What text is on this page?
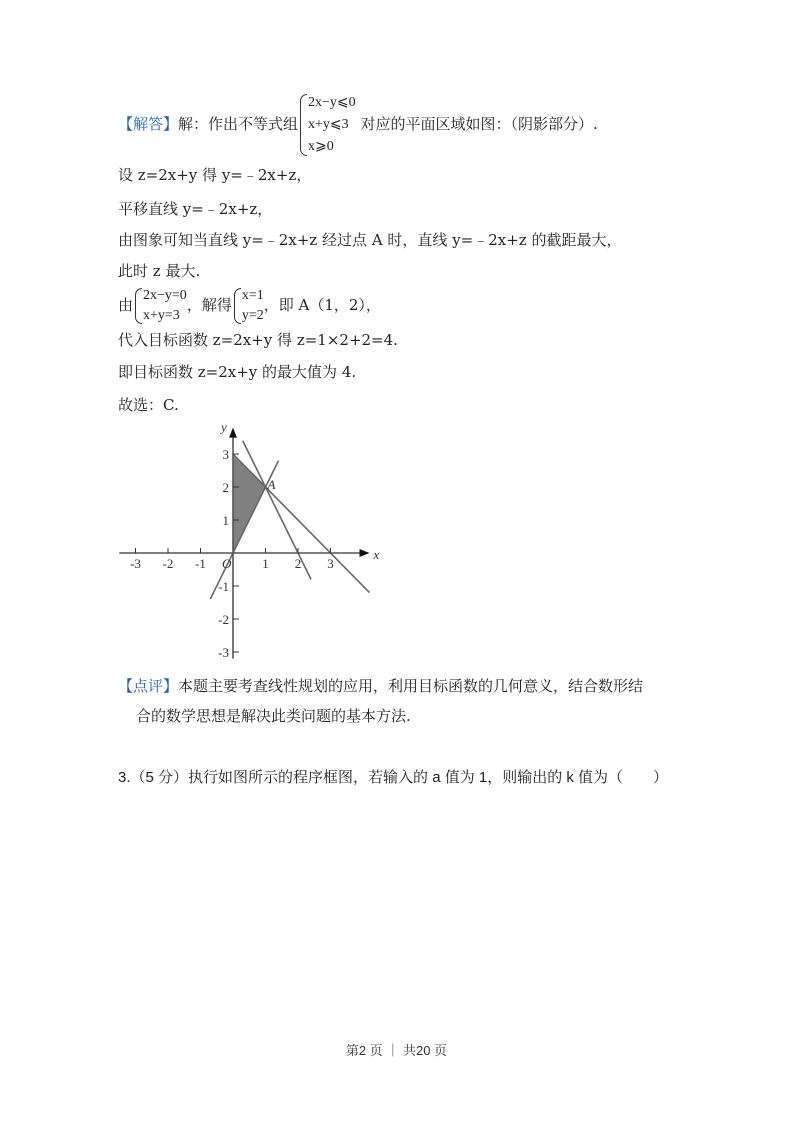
【解答】解：作出不等式组
2x−y⩽0
x+y⩽3
x⩾0
对应的平面区域如图：（阴影部分）.
设 z=2x+y 得 y=﹣2x+z，
平移直线 y=﹣2x+z，
由图象可知当直线 y=﹣2x+z 经过点 A 时，直线 y=﹣2x+z 的截距最大，
此时 z 最大.
由
2x−y=0
x+y=3
，解得
x=1
y=2
，即 A（1，2），
代入目标函数 z=2x+y 得 z=1×2+2=4.
即目标函数 z=2x+y 的最大值为 4.
故选：C.
-3 -2 -1	1 2 3
-3
-2
-1
1
2
3
x
y
O
A
【点评】本题主要考查线性规划的应用，利用目标函数的几何意义，结合数形结
合的数学思想是解决此类问题的基本方法.
3.（5 分）执行如图所示的程序框图，若输入的 a 值为 1，则输出的 k 值为（　　）
第2 页 ｜ 共20 页
